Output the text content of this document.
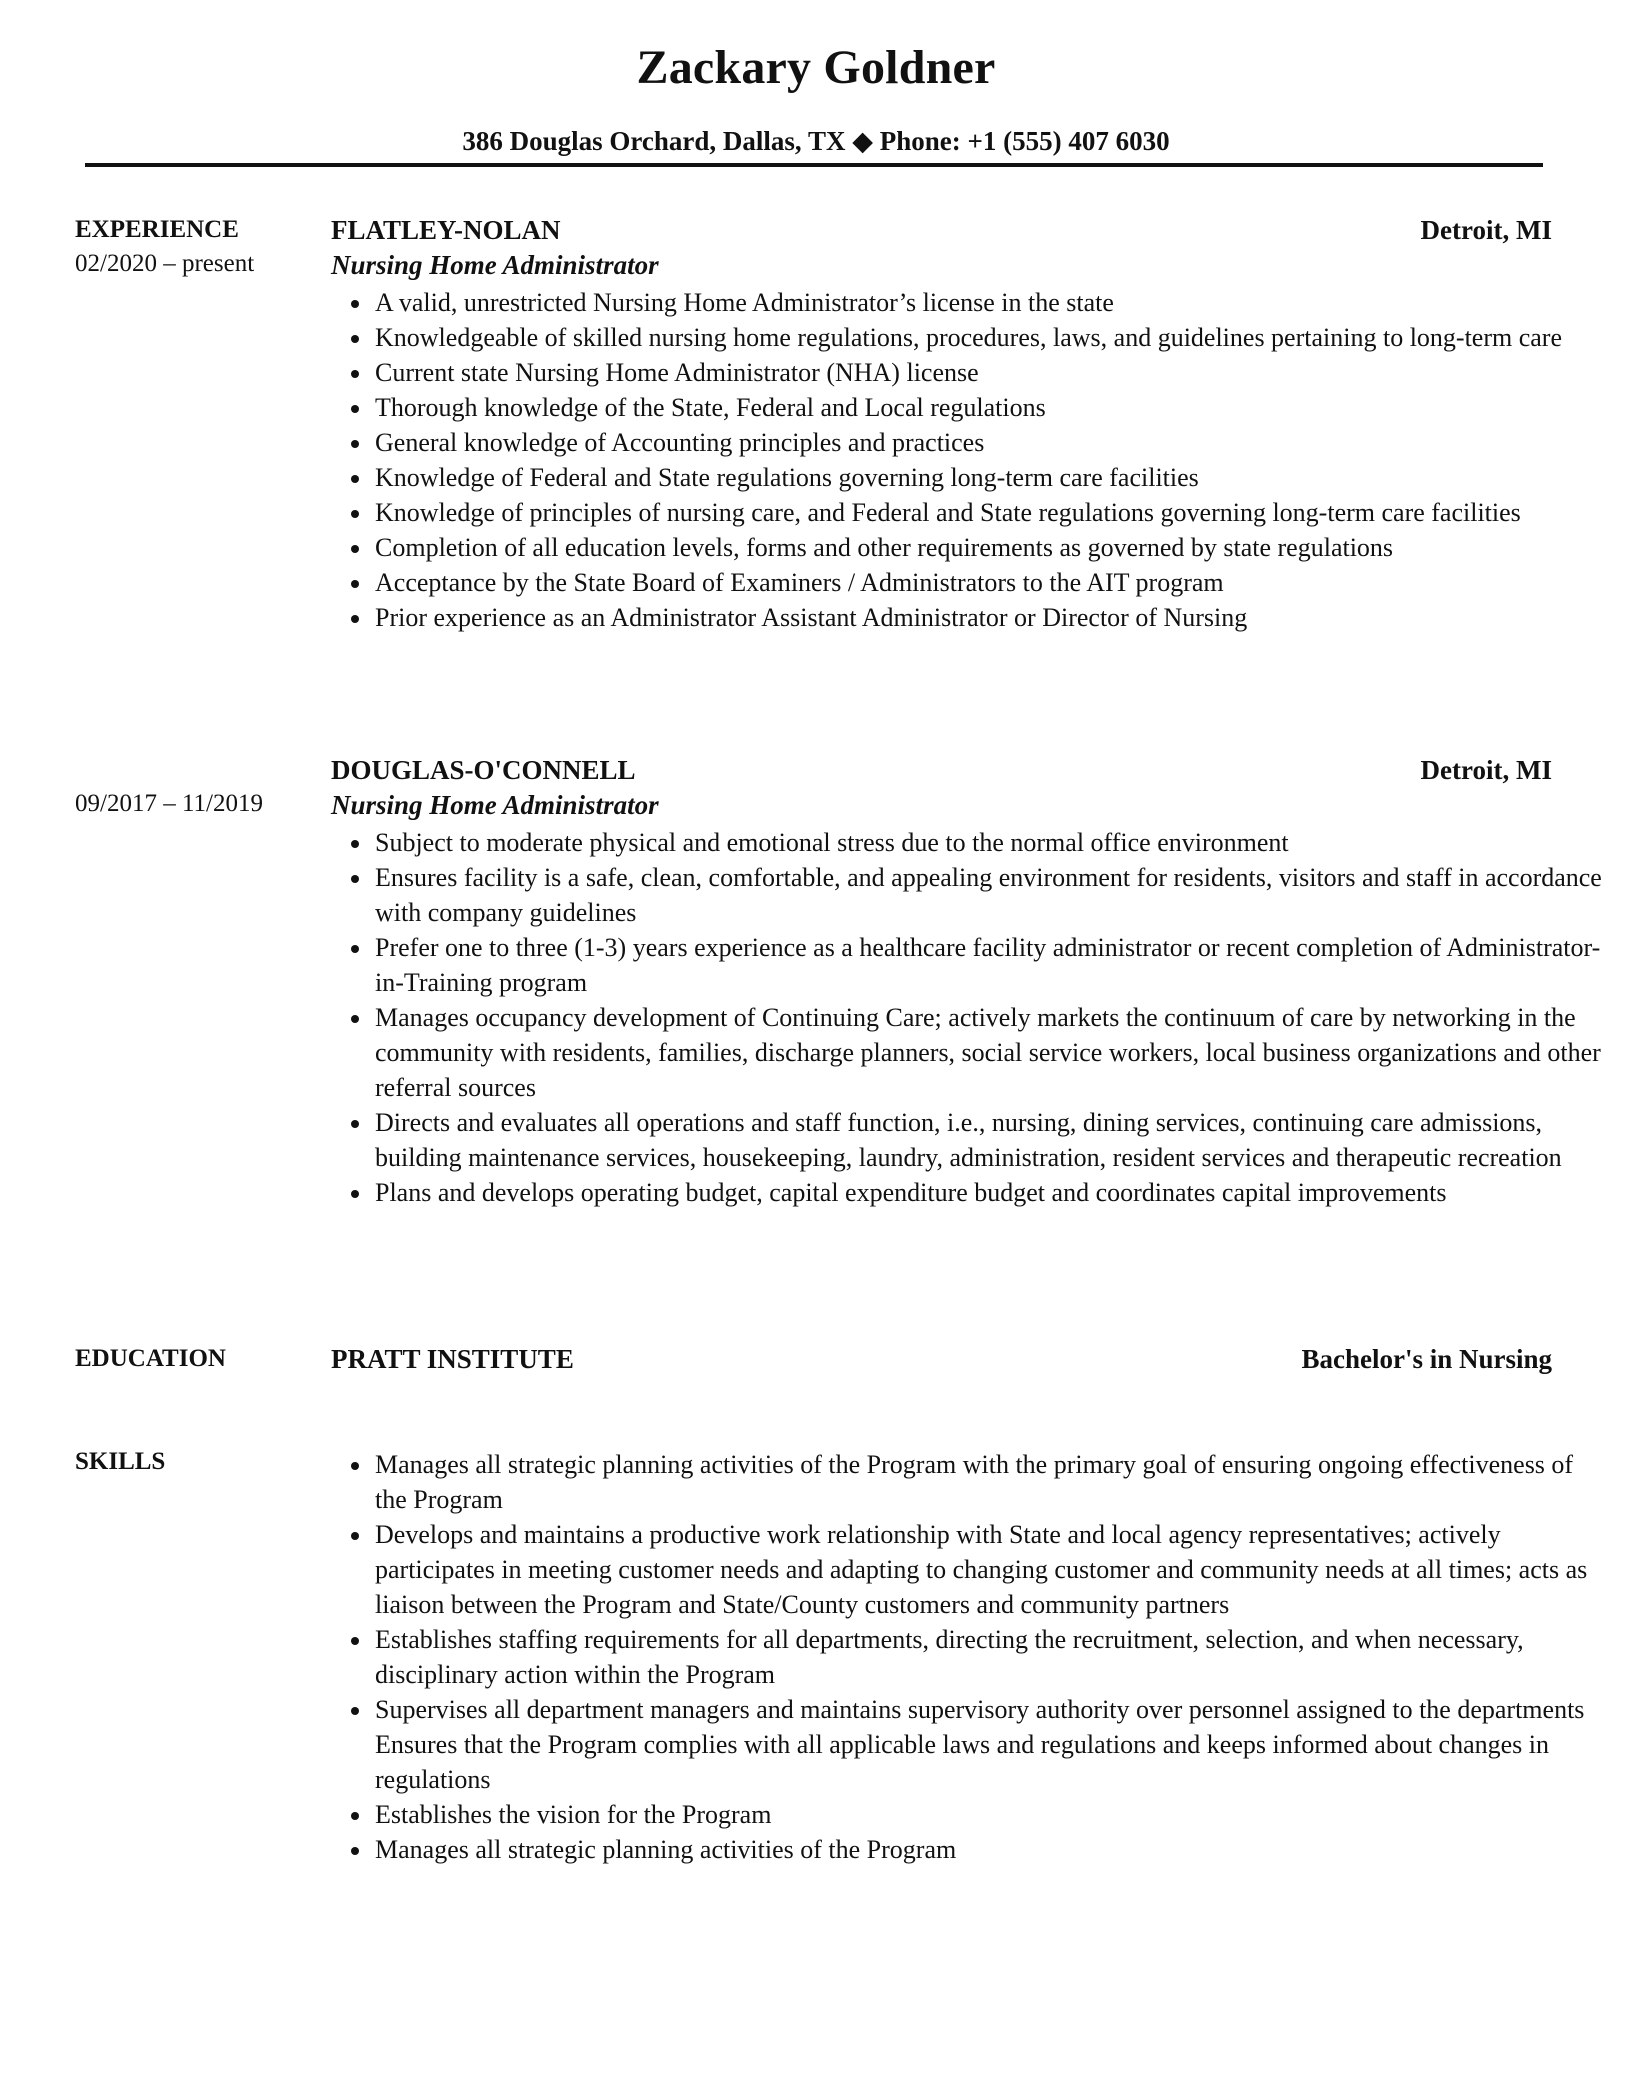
Zackary Goldner
386 Douglas Orchard, Dallas, TX ◆ Phone: +1 (555) 407 6030
EXPERIENCE	FLATLEY-NOLAN	Detroit, MI
02/2020 – present	Nursing Home Administrator
A valid, unrestricted Nursing Home Administrator’s license in the state
Knowledgeable of skilled nursing home regulations, procedures, laws, and guidelines pertaining to long-term care
Current state Nursing Home Administrator (NHA) license
Thorough knowledge of the State, Federal and Local regulations
General knowledge of Accounting principles and practices
Knowledge of Federal and State regulations governing long-term care facilities
Knowledge of principles of nursing care, and Federal and State regulations governing long-term care facilities
Completion of all education levels, forms and other requirements as governed by state regulations
Acceptance by the State Board of Examiners / Administrators to the AIT program
Prior experience as an Administrator Assistant Administrator or Director of Nursing
DOUGLAS-O'CONNELL	Detroit, MI
09/2017 – 11/2019	Nursing Home Administrator
Subject to moderate physical and emotional stress due to the normal office environment
Ensures facility is a safe, clean, comfortable, and appealing environment for residents, visitors and staff in accordance with company guidelines
Prefer one to three (1-3) years experience as a healthcare facility administrator or recent completion of Administrator-in-Training program
Manages occupancy development of Continuing Care; actively markets the continuum of care by networking in the community with residents, families, discharge planners, social service workers, local business organizations and other referral sources
Directs and evaluates all operations and staff function, i.e., nursing, dining services, continuing care admissions, building maintenance services, housekeeping, laundry, administration, resident services and therapeutic recreation
Plans and develops operating budget, capital expenditure budget and coordinates capital improvements
EDUCATION	PRATT INSTITUTE	Bachelor's in Nursing
SKILLS	Manages all strategic planning activities of the Program with the primary goal of ensuring ongoing effectiveness of the Program
Develops and maintains a productive work relationship with State and local agency representatives; actively participates in meeting customer needs and adapting to changing customer and community needs at all times; acts as liaison between the Program and State/County customers and community partners
Establishes staffing requirements for all departments, directing the recruitment, selection, and when necessary, disciplinary action within the Program
Supervises all department managers and maintains supervisory authority over personnel assigned to the departments Ensures that the Program complies with all applicable laws and regulations and keeps informed about changes in regulations
Establishes the vision for the Program
Manages all strategic planning activities of the Program
